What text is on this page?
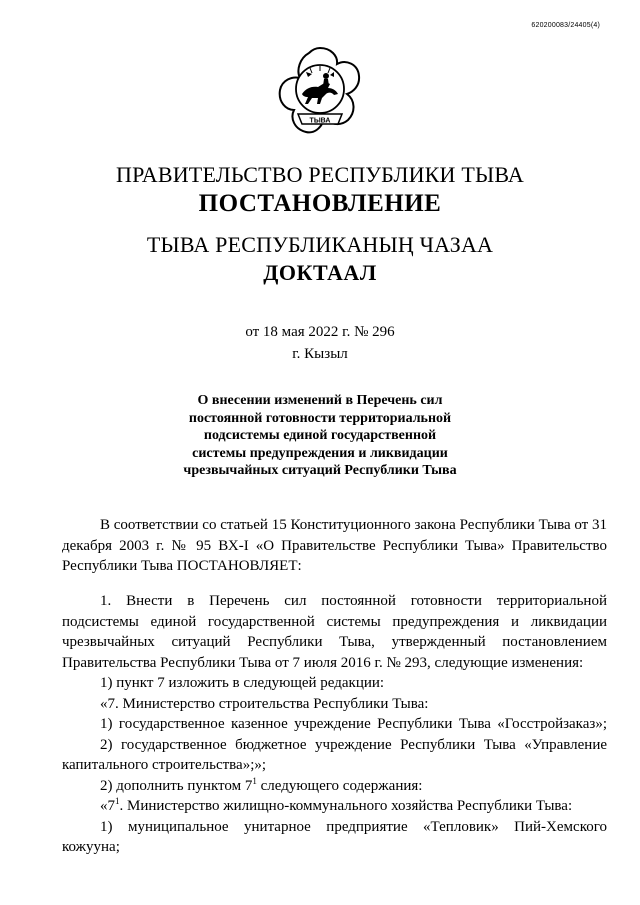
620200083/24405(4)
ТЫВА
ПРАВИТЕЛЬСТВО РЕСПУБЛИКИ ТЫВА
ПОСТАНОВЛЕНИЕ
ТЫВА РЕСПУБЛИКАНЫҢ ЧАЗАА
ДОКТААЛ
от 18 мая 2022 г. № 296
г. Кызыл
О внесении изменений в Перечень сил
постоянной готовности территориальной
подсистемы единой государственной
системы предупреждения и ликвидации
чрезвычайных ситуаций Республики Тыва

В соответствии со статьей 15 Конституционного закона Республики Тыва от 31 декабря 2003 г. № 95 ВХ-I «О Правительстве Республики Тыва» Правительство Республики Тыва ПОСТАНОВЛЯЕТ:

1. Внести в Перечень сил постоянной готовности территориальной подсистемы единой государственной системы предупреждения и ликвидации чрезвычайных ситуаций Республики Тыва, утвержденный постановлением Правительства Республики Тыва от 7 июля 2016 г. № 293, следующие изменения:

1) пункт 7 изложить в следующей редакции:

«7. Министерство строительства Республики Тыва:

1) государственное казенное учреждение Республики Тыва «Госстройзаказ»;

2) государственное бюджетное учреждение Республики Тыва «Управление капитального строительства»;»;

2) дополнить пунктом $7^1$ следующего содержания:

«$7^1$. Министерство жилищно-коммунального хозяйства Республики Тыва:

1) муниципальное унитарное предприятие «Тепловик» Пий-Хемского кожууна;
